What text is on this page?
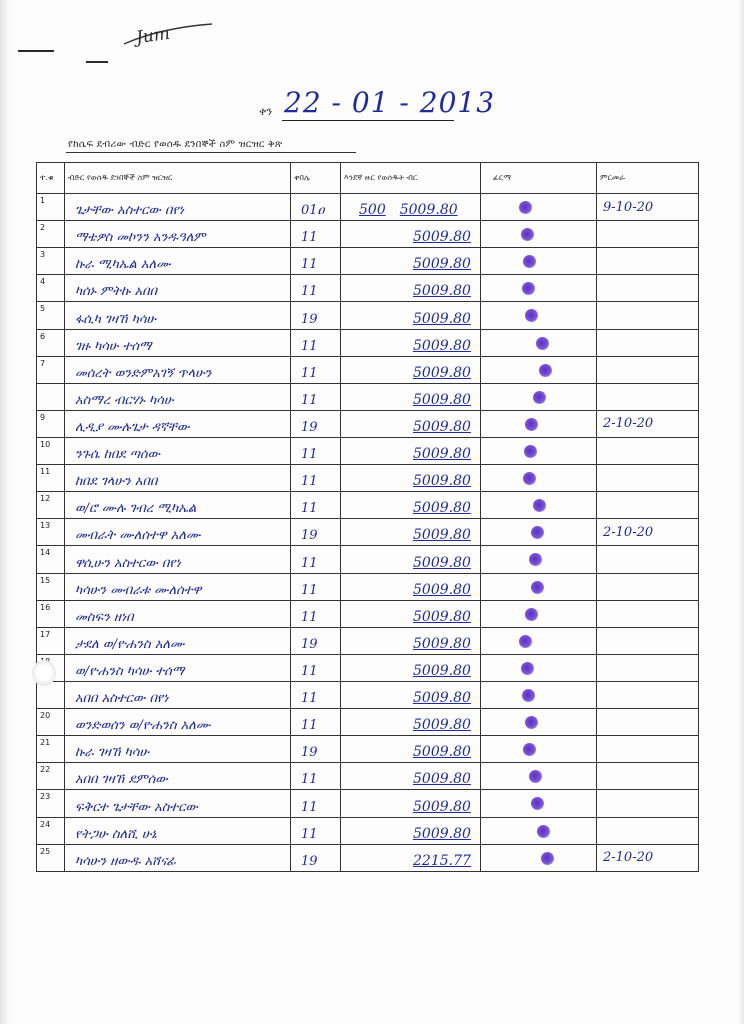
Jum
ቀን 22 - 01 - 2013
የከሴፍ ደብሪው ብድር የወሰዱ ደንበኞች ስም ዝርዝር ቅጽ
ተ.ቁ	ብድር የወሰዱ ደንበኞች ስም ዝርዝር	ቀበሌ	እንደኛ ዙር የወሰዱት ብር	ፊርማ	ምርመራ
1	ጌታቸው አስተርው በየነ	01ዐ	500 5009.80		9-10-20
2	ማቴዎስ መኮንን አንዱዓለም	11	5009.80	

3	ኩራ ሚካኤል አለሙ	11	5009.80	

4	ካሰኑ ምትኩ አበበ	11	5009.80	

5	ፋሲካ ገዛኸ ካሳሁ	19	5009.80	

6	ገዙ ካሳሁ ተሰማ	11	5009.80	

7	መሰረት ወንድምአገኝ ጥላሁን	11	5009.80	

	አስማረ ብርሃኑ ካሳሁ	11	5009.80	

9	ሊዲያ ሙሉጌታ ዳኛቸው	19	5009.80		2-10-20
10	ንጉሴ ከበደ ጣሰው	11	5009.80	

11	ከበደ ገላሁን አበበ	11	5009.80	

12	ወ/ሮ ሙሉ ገብረ ሚካኤል	11	5009.80	

13	መብራት ሙለሰተዋ አለሙ	19	5009.80		2-10-20
14	ዋሲሁን አስተርው በየነ	11	5009.80	

15	ካሳሁን መብራቱ ሙለሰተዋ	11	5009.80	

16	መስፍን ዘነበ	11	5009.80	

17	ታደለ ወ/ዮሐንስ አለሙ	19	5009.80	

	ወ/ዮሐንስ ካሳሁ ተሰማ	11	5009.80	

	አበበ አስተርው በየነ	11	5009.80	

20	ወንድወሰን ወ/ዮሐንስ አለሙ	11	5009.80	

21	ኩራ ገዛኸ ካሳሁ	19	5009.80	

22	አበበ ገዛኸ ደምሰው	11	5009.80	

23	ፍቅርተ ጌታቸው አስተርው	11	5009.80	

24	የትጋሁ ስለሺ ሁኔ	11	5009.80	

25	ካሳሁን ዘውዱ አሸናፊ	19	2215.77		2-10-20
